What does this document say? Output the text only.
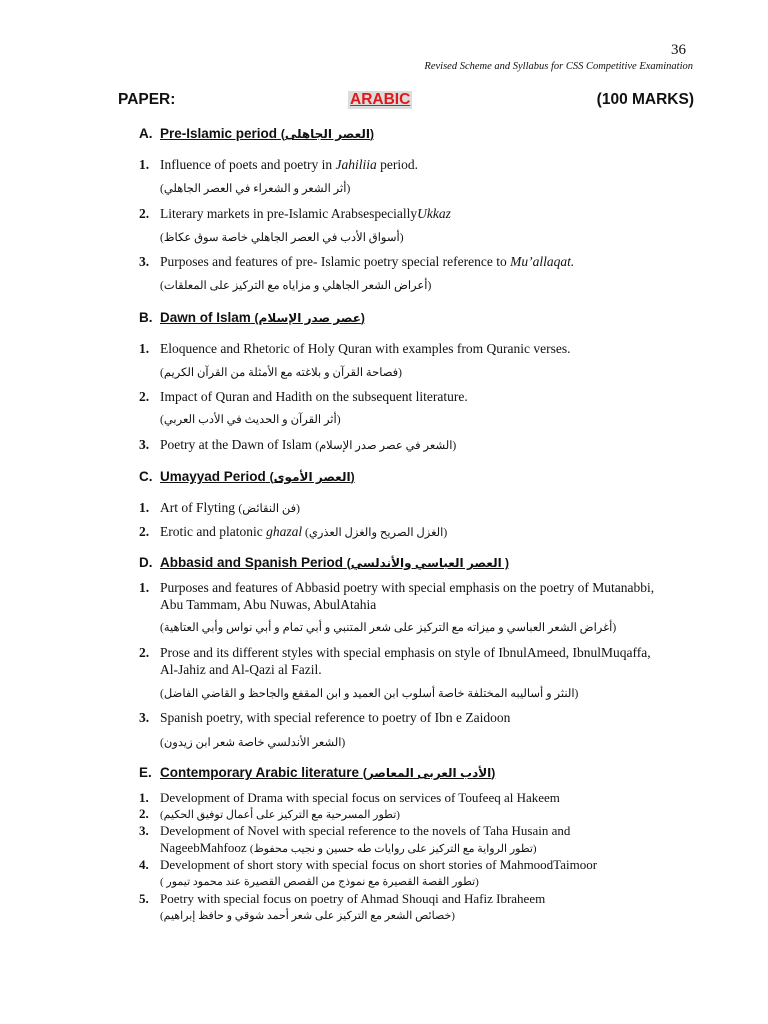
36
Revised Scheme and Syllabus for CSS Competitive Examination
PAPER:	ARABIC	(100 MARKS)
A. Pre-Islamic period (العصر الجاهلى)
1. Influence of poets and poetry in Jahiliia period.
(أثر الشعر و الشعراء في العصر الجاهلي)
2. Literary markets in pre-Islamic ArabsespeciallyUkkaz
(أسواق الأدب في العصر الجاهلي خاصة سوق عكاظ)
3. Purposes and features of pre- Islamic poetry special reference to Mu’allaqat.
(أعراض الشعر الجاهلي و مزاياه مع التركيز على المعلقات)
B. Dawn of Islam (عصر صدر الإسلام)
1. Eloquence and Rhetoric of Holy Quran with examples from Quranic verses.
(فصاحة القرآن و بلاغته مع الأمثلة من القرآن الكريم)
2. Impact of Quran and Hadith on the subsequent literature.
(أثر القرآن و الحديث في الأدب العربي)
3. Poetry at the Dawn of Islam (الشعر في عصر صدر الإسلام)
C. Umayyad Period (العصر الأموى)
1. Art of Flyting (فن النقائض)
2. Erotic and platonic ghazal (الغزل الصريح والغزل العذري)
D. Abbasid and Spanish Period (العصر العباسي والأندلسي )
1. Purposes and features of Abbasid poetry with special emphasis on the poetry of Mutanabbi,
Abu Tammam, Abu Nuwas, AbulAtahia
(أغراض الشعر العباسي و ميزاته مع التركيز على شعر المتنبي و أبي تمام و أبي نواس وأبي العتاهية)
2. Prose and its different styles with special emphasis on style of IbnulAmeed, IbnulMuqaffa,
Al-Jahiz and Al-Qazi al Fazil.
(النثر و أساليبه المختلفة خاصة أسلوب ابن العميد و ابن المقفع والجاحظ و القاضي الفاضل)
3. Spanish poetry, with special reference to poetry of Ibn e Zaidoon
(الشعر الأندلسي خاصة شعر ابن زيدون)
E. Contemporary Arabic literature (الأدب العربى المعاصر)
1. Development of Drama with special focus on services of Toufeeq al Hakeem
2. (تطور المسرحية مع التركيز على أعمال توفيق الحكيم)
3. Development of Novel with special reference to the novels of Taha Husain and
NageebMahfooz (تطور الرواية مع التركيز على روايات طه حسين و نجيب محفوظ)
4. Development of short story with special focus on short stories of MahmoodTaimoor
( تطور القصة القصيرة مع نموذج من القصص القصيرة عند محمود تيمور)
5. Poetry with special focus on poetry of Ahmad Shouqi and Hafiz Ibraheem
(خصائص الشعر مع التركيز على شعر أحمد شوقي و حافظ إبراهيم)
